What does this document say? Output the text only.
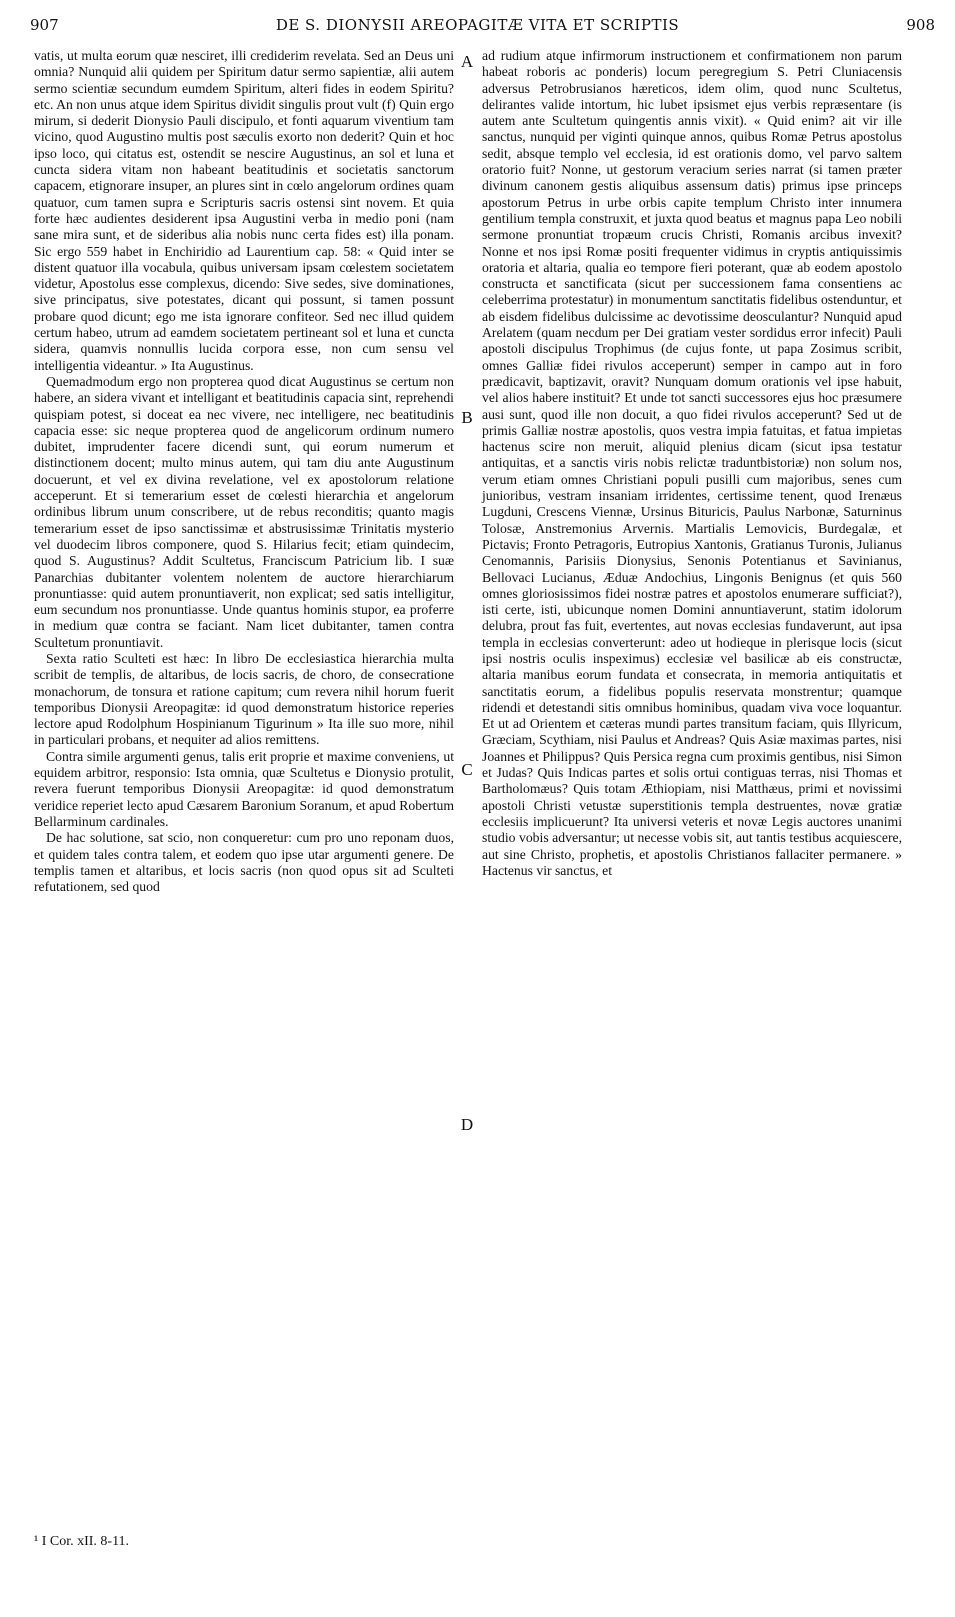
907	DE S. DIONYSII AREOPAGITÆ VITA ET SCRIPTIS	908

vatis, ut multa eorum quæ nesciret, illi crediderim revelata. Sed an Deus uni omnia? Nunquid alii quidem per Spiritum datur sermo sapientiæ, alii autem sermo scientiæ secundum eumdem Spiritum, alteri fides in eodem Spiritu? etc. An non unus atque idem Spiritus dividit singulis prout vult (f) Quin ergo mirum, si dederit Dionysio Pauli discipulo, et fonti aquarum viventium tam vicino, quod Augustino multis post sæculis exorto non dederit? Quin et hoc ipso loco, qui citatus est, ostendit se nescire Augustinus, an sol et luna et cuncta sidera vitam non habeant beatitudinis et societatis sanctorum capacem, etignorare insuper, an plures sint in cœlo angelorum ordines quam quatuor, cum tamen supra e Scripturis sacris ostensi sint novem. Et quia forte hæc audientes desiderent ipsa Augustini verba in medio poni (nam sane mira sunt, et de sideribus alia nobis nunc certa fides est) illa ponam. Sic ergo 559 habet in Enchiridio ad Laurentium cap. 58: « Quid inter se distent quatuor illa vocabula, quibus universam ipsam cœlestem societatem videtur, Apostolus esse complexus, dicendo: Sive sedes, sive dominationes, sive principatus, sive potestates, dicant qui possunt, si tamen possunt probare quod dicunt; ego me ista ignorare confiteor. Sed nec illud quidem certum habeo, utrum ad eamdem societatem pertineant sol et luna et cuncta sidera, quamvis nonnullis lucida corpora esse, non cum sensu vel intelligentia videantur. » Ita Augustinus.

Quemadmodum ergo non propterea quod dicat Augustinus se certum non habere, an sidera vivant et intelligant et beatitudinis capacia sint, reprehendi quispiam potest, si doceat ea nec vivere, nec intelligere, nec beatitudinis capacia esse: sic neque propterea quod de angelicorum ordinum numero dubitet, imprudenter facere dicendi sunt, qui eorum numerum et distinctionem docent; multo minus autem, qui tam diu ante Augustinum docuerunt, et vel ex divina revelatione, vel ex apostolorum relatione acceperunt. Et si temerarium esset de cœlesti hierarchia et angelorum ordinibus librum unum conscribere, ut de rebus reconditis; quanto magis temerarium esset de ipso sanctissimæ et abstrusissimæ Trinitatis mysterio vel duodecim libros componere, quod S. Hilarius fecit; etiam quindecim, quod S. Augustinus? Addit Scultetus, Franciscum Patricium lib. I suæ Panarchias dubitanter volentem nolentem de auctore hierarchiarum pronuntiasse: quid autem pronuntiaverit, non explicat; sed satis intelligitur, eum secundum nos pronuntiasse. Unde quantus hominis stupor, ea proferre in medium quæ contra se faciant. Nam licet dubitanter, tamen contra Scultetum pronuntiavit.

Sexta ratio Sculteti est hæc: In libro De ecclesiastica hierarchia multa scribit de templis, de altaribus, de locis sacris, de choro, de consecratione monachorum, de tonsura et ratione capitum; cum revera nihil horum fuerit temporibus Dionysii Areopagitæ: id quod demonstratum historice reperies lectore apud Rodolphum Hospinianum Tigurinum » Ita ille suo more, nihil in particulari probans, et nequiter ad alios remittens.

Contra simile argumenti genus, talis erit proprie et maxime conveniens, ut equidem arbitror, responsio: Ista omnia, quæ Scultetus e Dionysio protulit, revera fuerunt temporibus Dionysii Areopagitæ: id quod demonstratum veridice reperiet lecto apud Cæsarem Baronium Soranum, et apud Robertum Bellarminum cardinales.

De hac solutione, sat scio, non conqueretur: cum pro uno reponam duos, et quidem tales contra talem, et eodem quo ipse utar argumenti genere. De templis tamen et altaribus, et locis sacris (non quod opus sit ad Sculteti refutationem, sed quod

ad rudium atque infirmorum instructionem et confirmationem non parum habeat roboris ac ponderis) locum peregregium S. Petri Cluniacensis adversus Petrobrusianos hæreticos, idem olim, quod nunc Scultetus, delirantes valide intortum, hic lubet ipsismet ejus verbis repræsentare (is autem ante Scultetum quingentis annis vixit). « Quid enim? ait vir ille sanctus, nunquid per viginti quinque annos, quibus Romæ Petrus apostolus sedit, absque templo vel ecclesia, id est orationis domo, vel parvo saltem oratorio fuit? Nonne, ut gestorum veracium series narrat (si tamen præter divinum canonem gestis aliquibus assensum datis) primus ipse princeps apostorum Petrus in urbe orbis capite templum Christo inter innumera gentilium templa construxit, et juxta quod beatus et magnus papa Leo nobili sermone pronuntiat tropæum crucis Christi, Romanis arcibus invexit? Nonne et nos ipsi Romæ positi frequenter vidimus in cryptis antiquissimis oratoria et altaria, qualia eo tempore fieri poterant, quæ ab eodem apostolo constructa et sanctificata (sicut per successionem fama consentiens ac celeberrima protestatur) in monumentum sanctitatis fidelibus ostenduntur, et ab eisdem fidelibus dulcissime ac devotissime deosculantur? Nunquid apud Arelatem (quam necdum per Dei gratiam vester sordidus error infecit) Pauli apostoli discipulus Trophimus (de cujus fonte, ut papa Zosimus scribit, omnes Galliæ fidei rivulos acceperunt) semper in campo aut in foro prædicavit, baptizavit, oravit? Nunquam domum orationis vel ipse habuit, vel alios habere instituit? Et unde tot sancti successores ejus hoc præsumere ausi sunt, quod ille non docuit, a quo fidei rivulos acceperunt? Sed ut de primis Galliæ nostræ apostolis, quos vestra impia fatuitas, et fatua impietas hactenus scire non meruit, aliquid plenius dicam (sicut ipsa testatur antiquitas, et a sanctis viris nobis relictæ traduntbistoriæ) non solum nos, verum etiam omnes Christiani populi pusilli cum majoribus, senes cum junioribus, vestram insaniam irridentes, certissime tenent, quod Irenæus Lugduni, Crescens Viennæ, Ursinus Bituricis, Paulus Narbonæ, Saturninus Tolosæ, Anstremonius Arvernis. Martialis Lemovicis, Burdegalæ, et Pictavis; Fronto Petragoris, Eutropius Xantonis, Gratianus Turonis, Julianus Cenomannis, Parisiis Dionysius, Senonis Potentianus et Savinianus, Bellovaci Lucianus, Æduæ Andochius, Lingonis Benignus (et quis 560 omnes gloriosissimos fidei nostræ patres et apostolos enumerare sufficiat?), isti certe, isti, ubicunque nomen Domini annuntiaverunt, statim idolorum delubra, prout fas fuit, evertentes, aut novas ecclesias fundaverunt, aut ipsa templa in ecclesias converterunt: adeo ut hodieque in plerisque locis (sicut ipsi nostris oculis inspeximus) ecclesiæ vel basilicæ ab eis constructæ, altaria manibus eorum fundata et consecrata, in memoria antiquitatis et sanctitatis eorum, a fidelibus populis reservata monstrentur; quamque ridendi et detestandi sitis omnibus hominibus, quadam viva voce loquantur. Et ut ad Orientem et cæteras mundi partes transitum faciam, quis Illyricum, Græciam, Scythiam, nisi Paulus et Andreas? Quis Asiæ maximas partes, nisi Joannes et Philippus? Quis Persica regna cum proximis gentibus, nisi Simon et Judas? Quis Indicas partes et solis ortui contiguas terras, nisi Thomas et Bartholomæus? Quis totam Æthiopiam, nisi Matthæus, primi et novissimi apostoli Christi vetustæ superstitionis templa destruentes, novæ gratiæ ecclesiis implicuerunt? Ita universi veteris et novæ Legis auctores unanimi studio vobis adversantur; ut necesse vobis sit, aut tantis testibus acquiescere, aut sine Christo, prophetis, et apostolis Christianos fallaciter permanere. » Hactenus vir sanctus, et

A
B
C
D
¹ I Cor. xII. 8-11.
